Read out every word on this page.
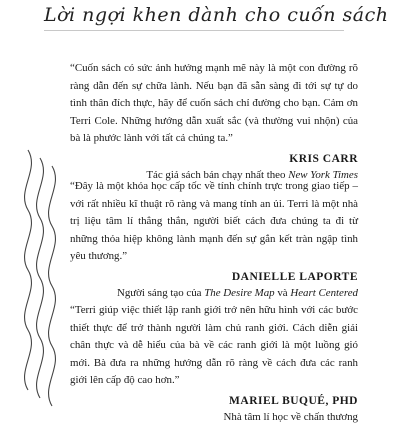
Lời ngợi khen dành cho cuốn sách

“Cuốn sách có sức ảnh hưởng mạnh mẽ này là một con đường rõ ràng dẫn đến sự chữa lành. Nếu bạn đã sẵn sàng đi tới sự tự do tình thân đích thực, hãy để cuốn sách chỉ đường cho bạn. Cảm ơn Terri Cole. Những hướng dẫn xuất sắc (và thường vui nhộn) của bà là phước lành với tất cả chúng ta.”

KRIS CARR
Tác giả sách bán chạy nhất theo New York Times

“Đây là một khóa học cấp tốc về tính chính trực trong giao tiếp – với rất nhiều kĩ thuật rõ ràng và mang tính an ủi. Terri là một nhà trị liệu tâm lí thẳng thắn, người biết cách đưa chúng ta đi từ những thỏa hiệp không lành mạnh đến sự gắn kết tràn ngập tình yêu thương.”

DANIELLE LAPORTE
Người sáng tạo của The Desire Map và Heart Centered

“Terri giúp việc thiết lập ranh giới trở nên hữu hình với các bước thiết thực để trở thành người làm chủ ranh giới. Cách diễn giải chân thực và dễ hiểu của bà về các ranh giới là một luồng gió mới. Bà đưa ra những hướng dẫn rõ ràng về cách đưa các ranh giới lên cấp độ cao hơn.”

MARIEL BUQUÉ, PHD
Nhà tâm lí học về chấn thương
